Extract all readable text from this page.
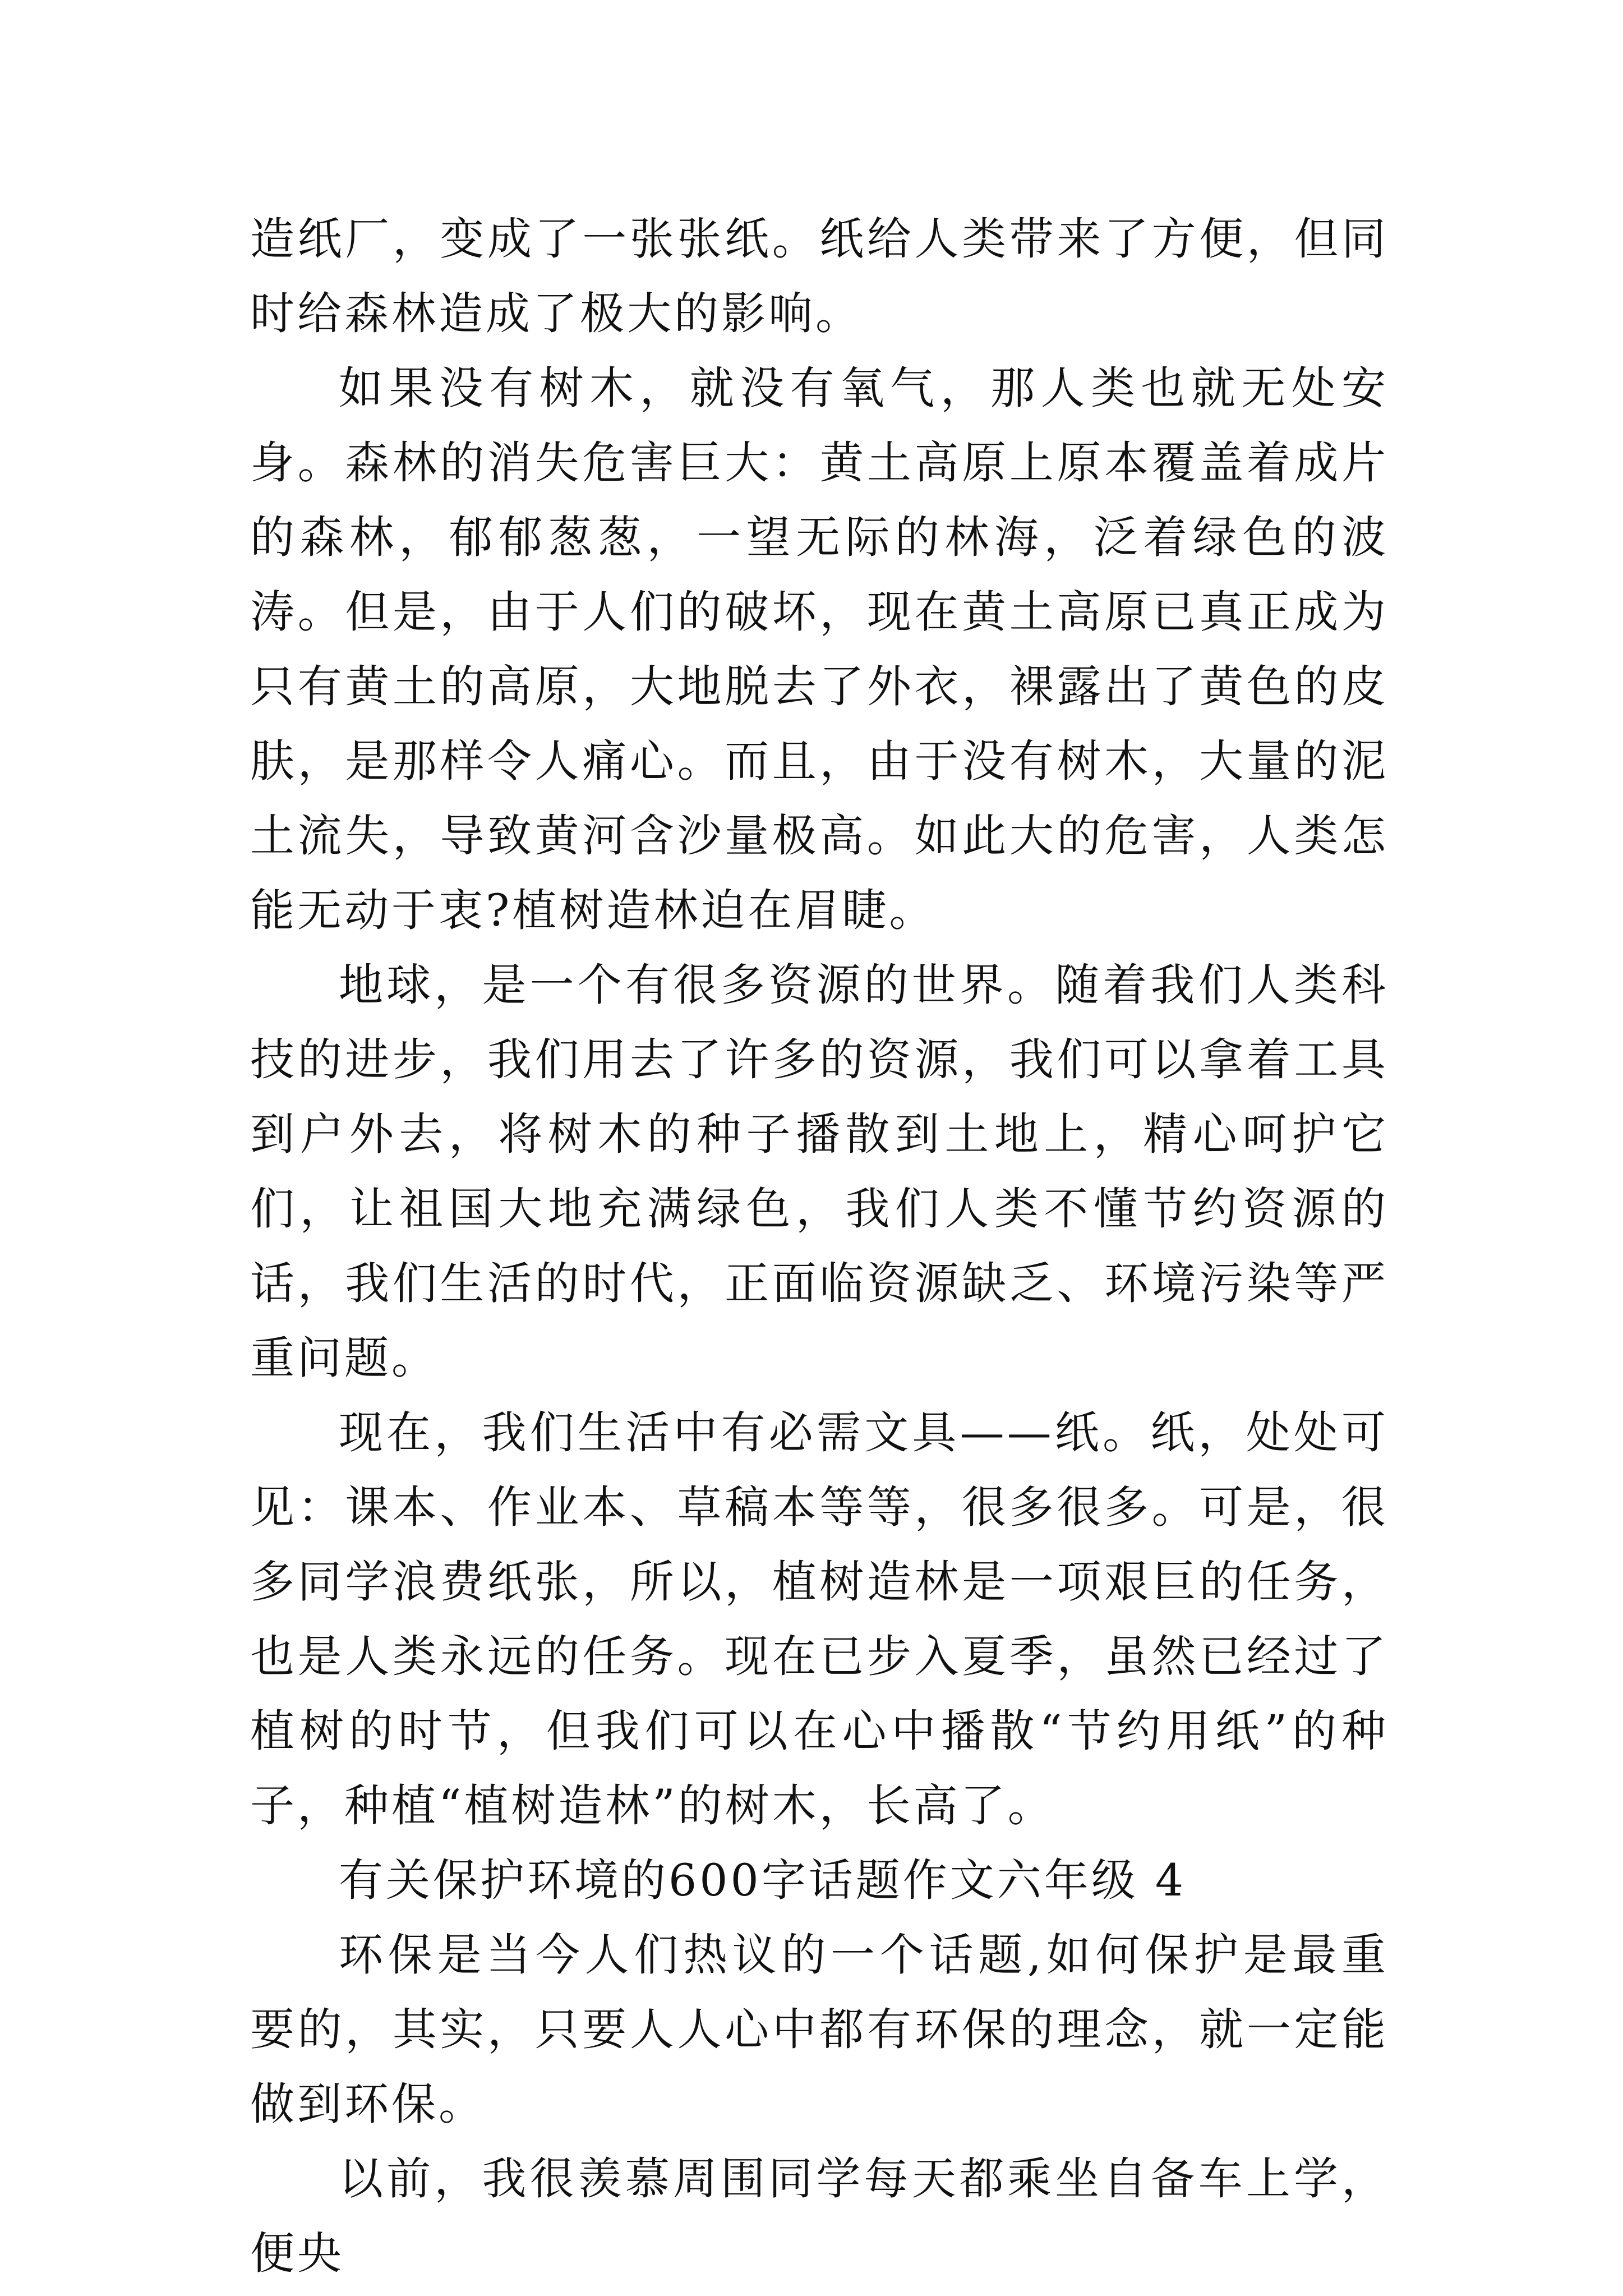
造纸厂，变成了一张张纸。纸给人类带来了方便，但同时给森林造成了极大的影响。

如果没有树木，就没有氧气，那人类也就无处安身。森林的消失危害巨大：黄土高原上原本覆盖着成片的森林，郁郁葱葱，一望无际的林海，泛着绿色的波涛。但是，由于人们的破坏，现在黄土高原已真正成为只有黄土的高原，大地脱去了外衣，裸露出了黄色的皮肤，是那样令人痛心。而且，由于没有树木，大量的泥土流失，导致黄河含沙量极高。如此大的危害，人类怎能无动于衷?植树造林迫在眉睫。

地球，是一个有很多资源的世界。随着我们人类科技的进步，我们用去了许多的资源，我们可以拿着工具到户外去，将树木的种子播散到土地上，精心呵护它们，让祖国大地充满绿色，我们人类不懂节约资源的话，我们生活的时代，正面临资源缺乏、环境污染等严重问题。

现在，我们生活中有必需文具——纸。纸，处处可见：课本、作业本、草稿本等等，很多很多。可是，很多同学浪费纸张，所以，植树造林是一项艰巨的任务，也是人类永远的任务。现在已步入夏季，虽然已经过了植树的时节，但我们可以在心中播散“节约用纸”的种子，种植“植树造林”的树木，长高了。

有关保护环境的600字话题作文六年级 4

环保是当今人们热议的一个话题,如何保护是最重要的，其实，只要人人心中都有环保的理念，就一定能做到环保。

以前，我很羡慕周围同学每天都乘坐自备车上学，便央
